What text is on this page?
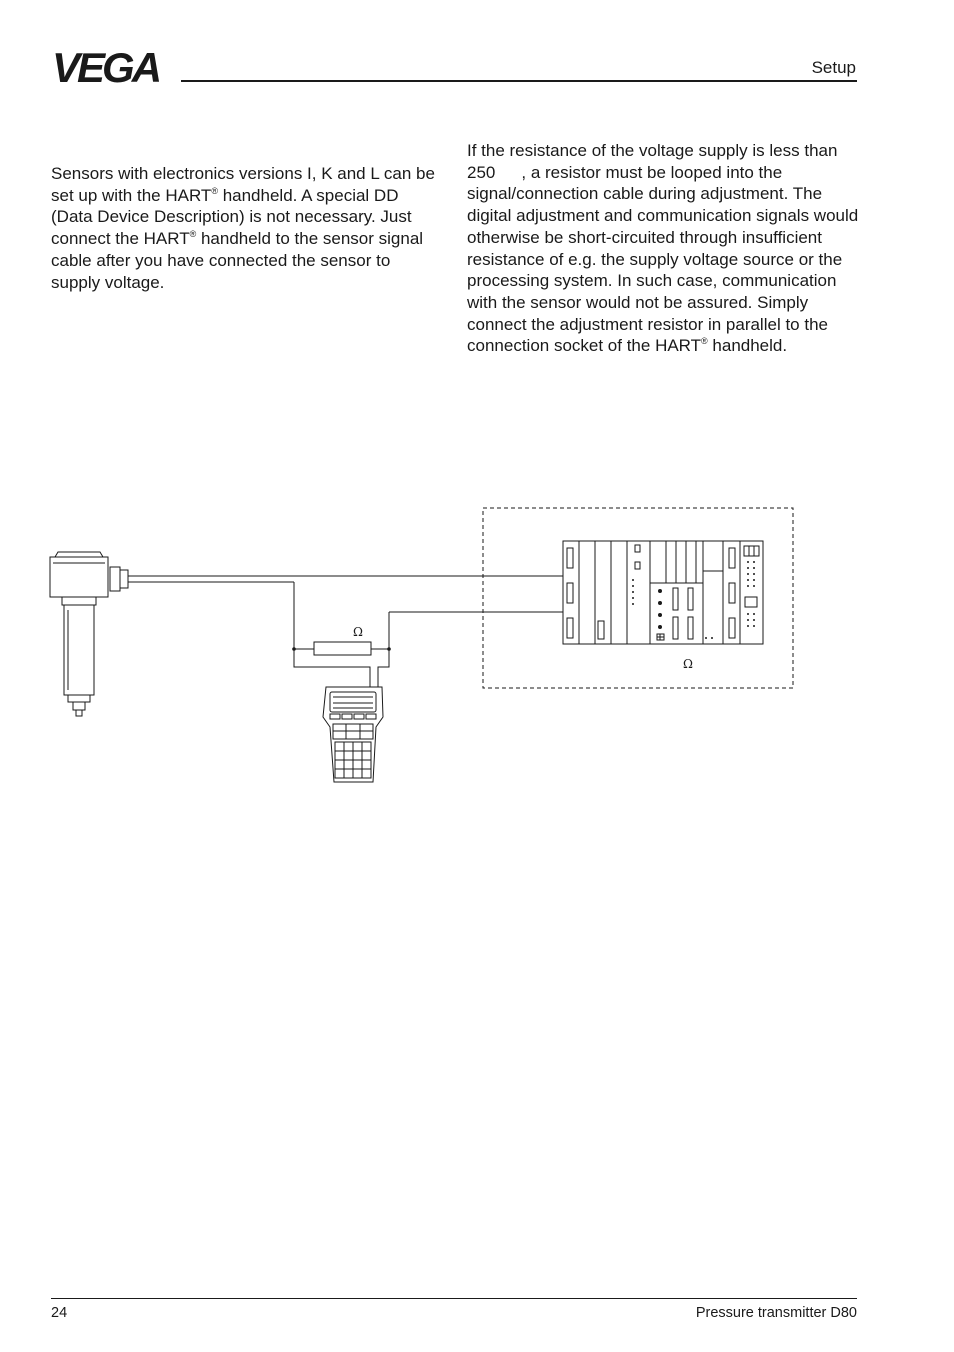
VEGA	Setup

Sensors with electronics versions I, K and L can be set up with the HART® handheld. A special DD (Data Device Description) is not necessary. Just connect the HART® handheld to the sensor signal cable after you have connected the sensor to supply voltage.

If the resistance of the voltage supply is less than 250 , a resistor must be looped into the signal/connection cable during adjustment. The digital adjustment and communication signals would otherwise be short-circuited through insufficient resistance of e.g. the supply voltage source or the processing system. In such case, communication with the sensor would not be assured. Simply connect the adjustment resistor in parallel to the connection socket of the HART® handheld.

Ω
Ω
24	Pressure transmitter D80
